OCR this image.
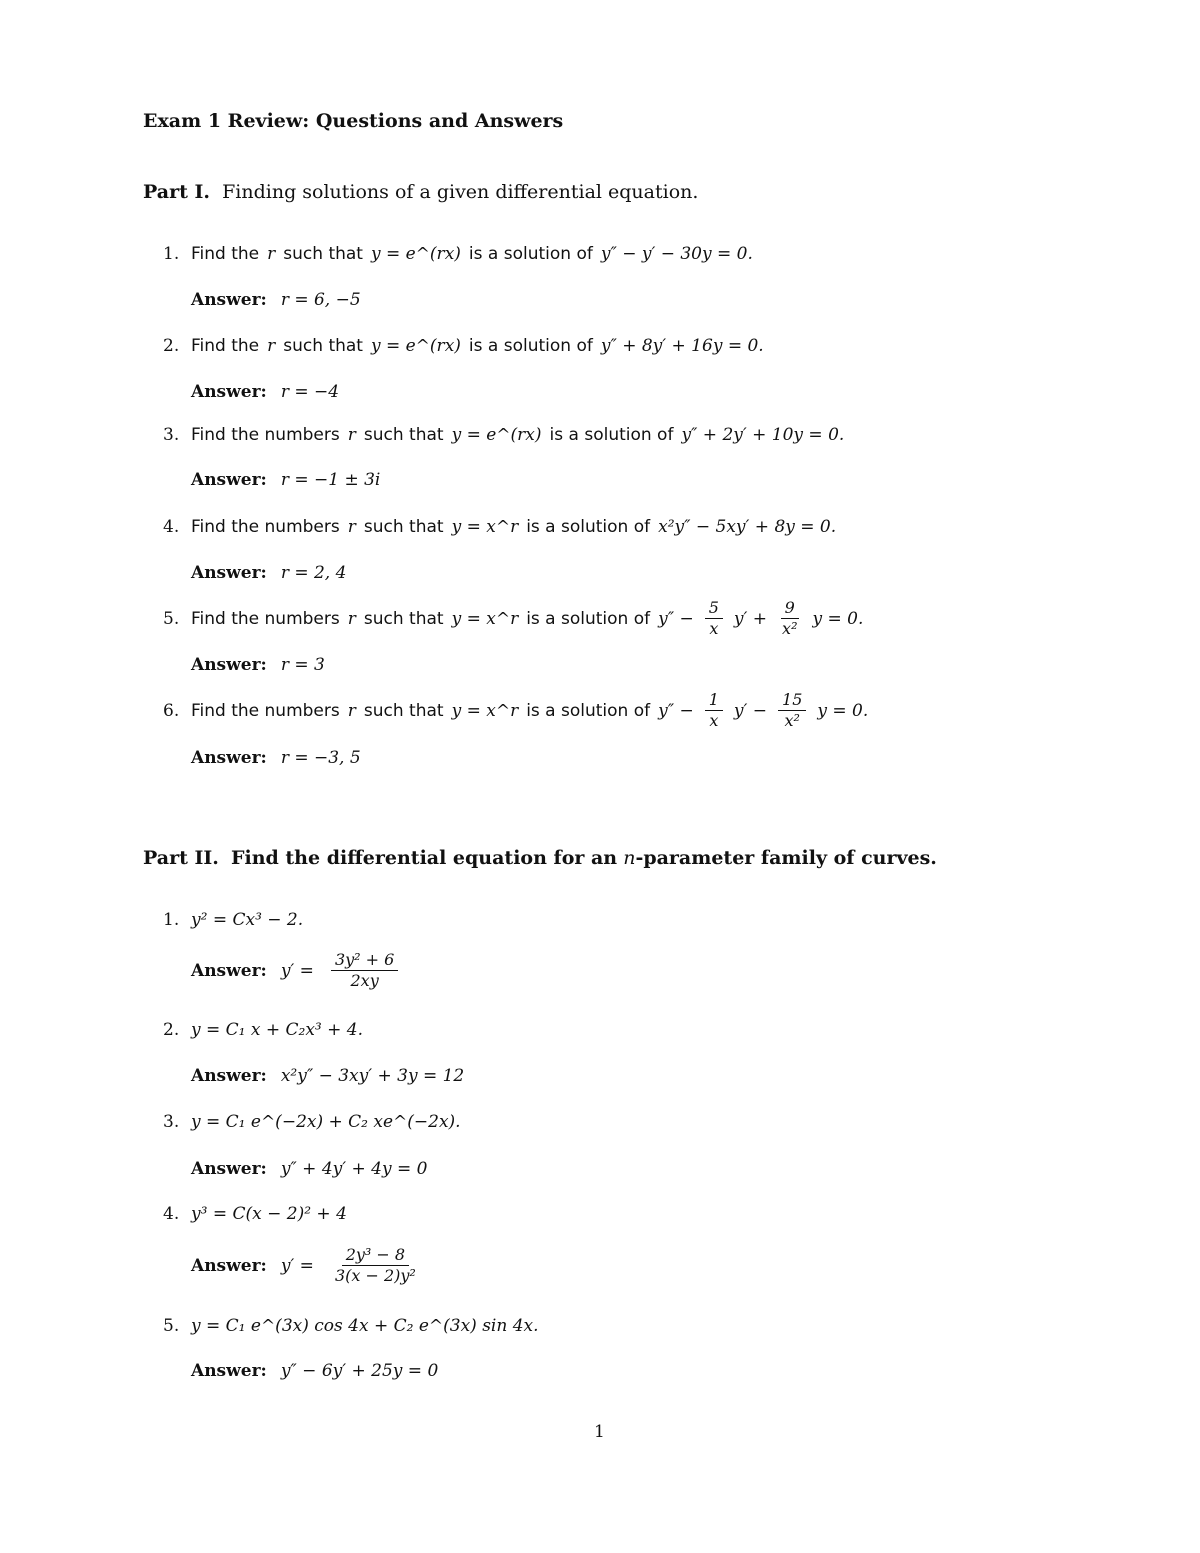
Exam 1 Review: Questions and Answers
Part I. Finding solutions of a given differential equation.
1. Find the r such that y = e^(rx) is a solution of y″ − y′ − 30y = 0.
Answer: r = 6, −5
2. Find the r such that y = e^(rx) is a solution of y″ + 8y′ + 16y = 0.
Answer: r = −4
3. Find the numbers r such that y = e^(rx) is a solution of y″ + 2y′ + 10y = 0.
Answer: r = −1 ± 3i
4. Find the numbers r such that y = x^r is a solution of x²y″ − 5xy′ + 8y = 0.
Answer: r = 2, 4
5. Find the numbers r such that y = x^r is a solution of $y'' - \frac{5}{x} y' + \frac{9}{\text{x²}}$ y = 0.
Answer: r = 3
6. Find the numbers r such that y = x^r is a solution of $y'' - \frac{1}{x} y' - \frac{15}{\text{x²}}$ y = 0.
Answer: r = −3, 5
Part II. Find the differential equation for an n-parameter family of curves.
1. y² = Cx³ − 2.
Answer: $y' = \frac{\text{3y² + 6}}{2xy}$
2. y = C₁ x + C₂x³ + 4.
Answer: x²y″ − 3xy′ + 3y = 12
3. y = C₁ e^(−2x) + C₂ xe^(−2x).
Answer: y″ + 4y′ + 4y = 0
4. y³ = C(x − 2)² + 4
Answer: $y' = \frac{\text{2y³ − 8}}{\text{3(x − 2)y²}}$
5. y = C₁ e^(3x) cos 4x + C₂ e^(3x) sin 4x.
Answer: y″ − 6y′ + 25y = 0
1
